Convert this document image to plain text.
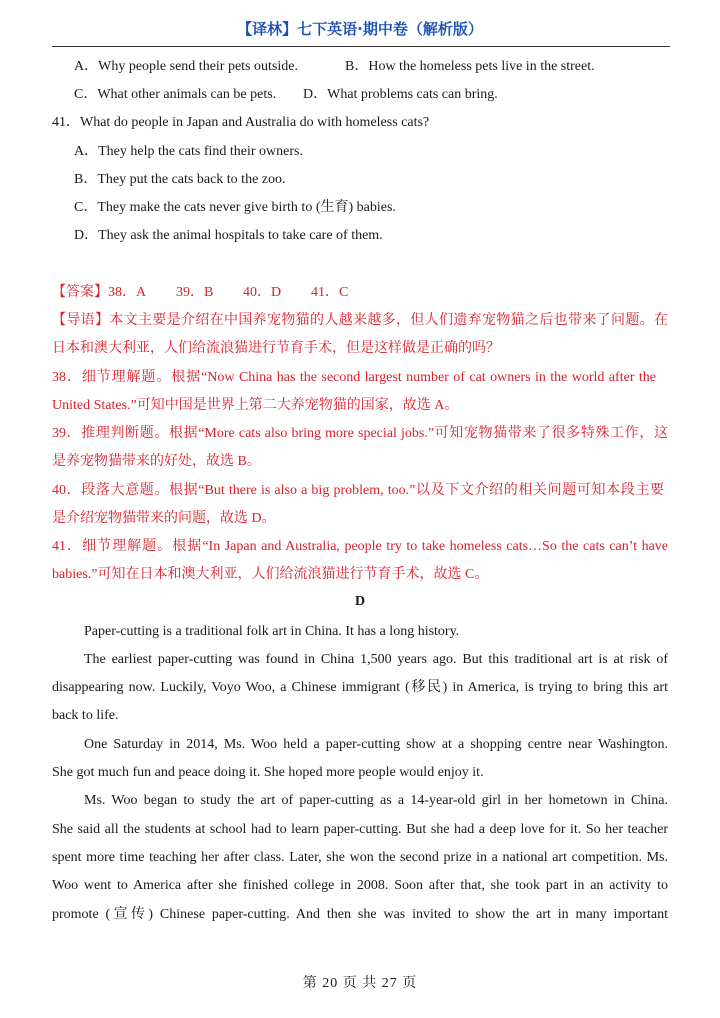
【译林】七下英语·期中卷（解析版）
A．Why people send their pets outside.	B．How the homeless pets live in the street.
C．What other animals can be pets. D．What problems cats can bring.
41．What do people in Japan and Australia do with homeless cats?
A．They help the cats find their owners.
B．They put the cats back to the zoo.
C．They make the cats never give birth to (生育) babies.
D．They ask the animal hospitals to take care of them.
【答案】 38．A 39．B 40．D 41．C
【导语】本文主要是介绍在中国养宠物猫的人越来越多，但人们遗弃宠物猫之后也带来了问题。在
日本和澳大利亚，人们给流浪猫进行节育手术，但是这样做是正确的吗？
38．细节理解题。根据“Now China has the second largest number of cat owners in the world after the
United States.”可知中国是世界上第二大养宠物猫的国家，故选 A。
39．推理判断题。根据“More cats also bring more special jobs.”可知宠物猫带来了很多特殊工作，这
是养宠物猫带来的好处，故选 B。
40．段落大意题。根据“But there is also a big problem, too.”以及下文介绍的相关问题可知本段主要
是介绍宠物猫带来的问题，故选 D。
41．细节理解题。根据“In Japan and Australia, people try to take homeless cats…So the cats can’t have
babies.”可知在日本和澳大利亚，人们给流浪猫进行节育手术，故选 C。
D
Paper-cutting is a traditional folk art in China. It has a long history.
The earliest paper-cutting was found in China 1,500 years ago. But this traditional art is at risk of
disappearing now. Luckily, Voyo Woo, a Chinese immigrant (移民) in America, is trying to bring this art
back to life.
One Saturday in 2014, Ms. Woo held a paper-cutting show at a shopping centre near Washington.
She got much fun and peace doing it. She hoped more people would enjoy it.
Ms. Woo began to study the art of paper-cutting as a 14-year-old girl in her hometown in China.
She said all the students at school had to learn paper-cutting. But she had a deep love for it. So her teacher
spent more time teaching her after class. Later, she won the second prize in a national art competition. Ms.
Woo went to America after she finished college in 2008. Soon after that, she took part in an activity to
promote (宣传) Chinese paper-cutting. And then she was invited to show the art in many important
第 20 页 共 27 页
